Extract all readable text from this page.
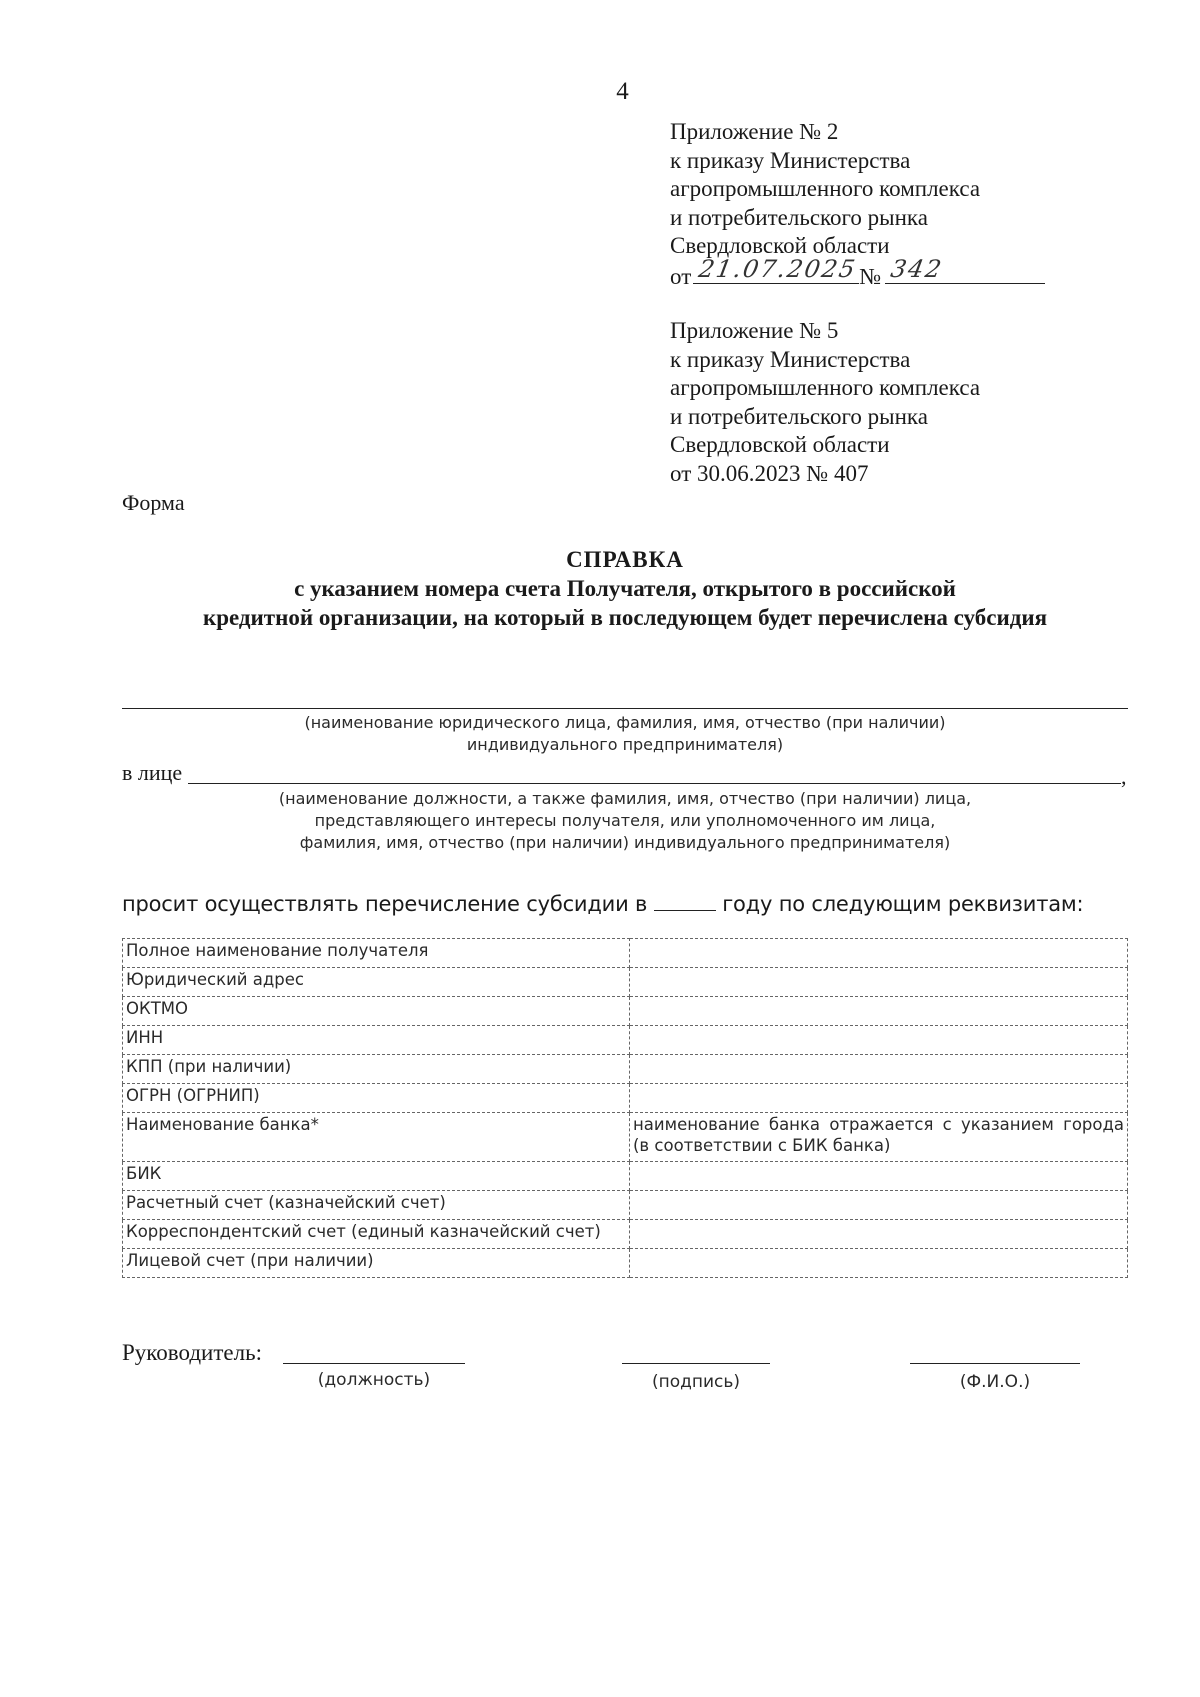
4
Приложение № 2
к приказу Министерства
агропромышленного комплекса
и потребительского рынка
Свердловской области
от 21.07.2025 № 342
Приложение № 5
к приказу Министерства
агропромышленного комплекса
и потребительского рынка
Свердловской области
от 30.06.2023 № 407
Форма
СПРАВКА
с указанием номера счета Получателя, открытого в российской
кредитной организации, на который в последующем будет перечислена субсидия
(наименование юридического лица, фамилия, имя, отчество (при наличии)
индивидуального предпринимателя)
в лице	,
(наименование должности, а также фамилия, имя, отчество (при наличии) лица,
представляющего интересы получателя, или уполномоченного им лица,
фамилия, имя, отчество (при наличии) индивидуального предпринимателя)
просит осуществлять перечисление субсидии в	году по следующим реквизитам:
Полное наименование получателя	
Юридический адрес	
ОКТМО	
ИНН	
КПП (при наличии)	
ОГРН (ОГРНИП)	
Наименование банка*	наименование банка отражается с указанием города (в соответствии с БИК банка)
БИК	
Расчетный счет (казначейский счет)	
Корреспондентский счет (единый казначейский счет)	
Лицевой счет (при наличии)	
Руководитель:
(должность)	(подпись)	(Ф.И.О.)
